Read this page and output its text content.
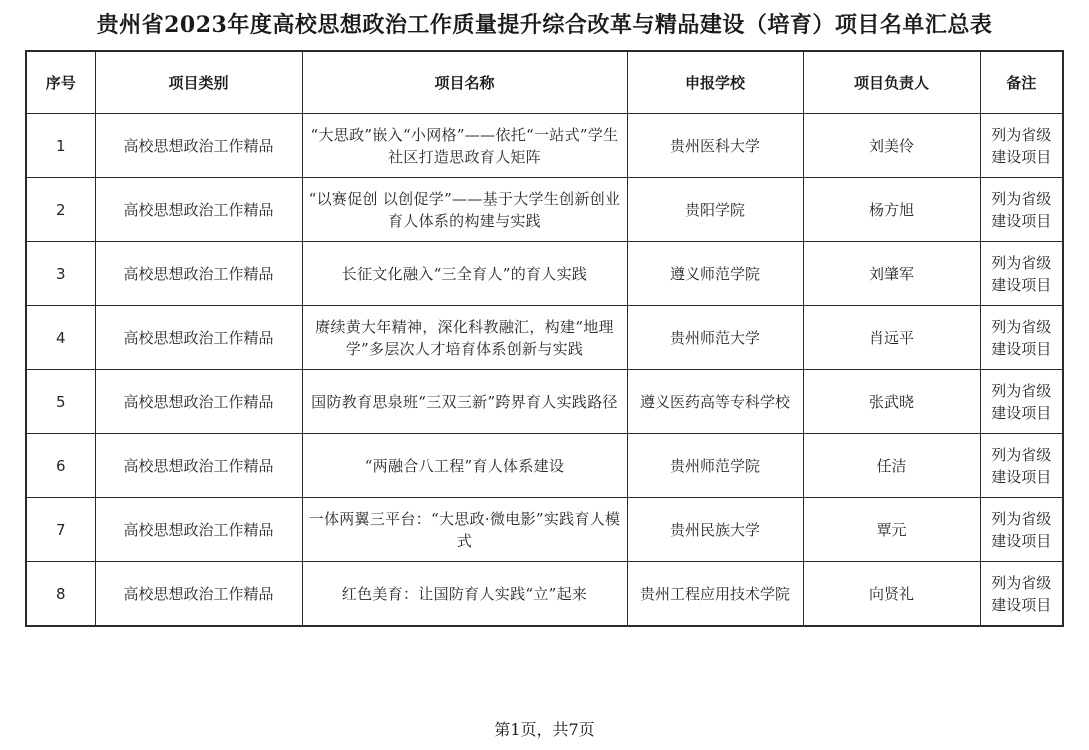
贵州省2023年度高校思想政治工作质量提升综合改革与精品建设（培育）项目名单汇总表
序号	项目类别	项目名称	申报学校	项目负责人	备注
1	高校思想政治工作精品	“大思政”嵌入“小网格”——依托“一站式”学生社区打造思政育人矩阵	贵州医科大学	刘美伶	列为省级建设项目
2	高校思想政治工作精品	“以赛促创 以创促学”——基于大学生创新创业育人体系的构建与实践	贵阳学院	杨方旭	列为省级建设项目
3	高校思想政治工作精品	长征文化融入“三全育人”的育人实践	遵义师范学院	刘肇军	列为省级建设项目
4	高校思想政治工作精品	赓续黄大年精神，深化科教融汇，构建“地理学”多层次人才培育体系创新与实践	贵州师范大学	肖远平	列为省级建设项目
5	高校思想政治工作精品	国防教育思泉班“三双三新”跨界育人实践路径	遵义医药高等专科学校	张武晓	列为省级建设项目
6	高校思想政治工作精品	“两融合八工程”育人体系建设	贵州师范学院	任洁	列为省级建设项目
7	高校思想政治工作精品	一体两翼三平台：“大思政·微电影”实践育人模式	贵州民族大学	覃元	列为省级建设项目
8	高校思想政治工作精品	红色美育：让国防育人实践“立”起来	贵州工程应用技术学院	向贤礼	列为省级建设项目
第1页，共7页
